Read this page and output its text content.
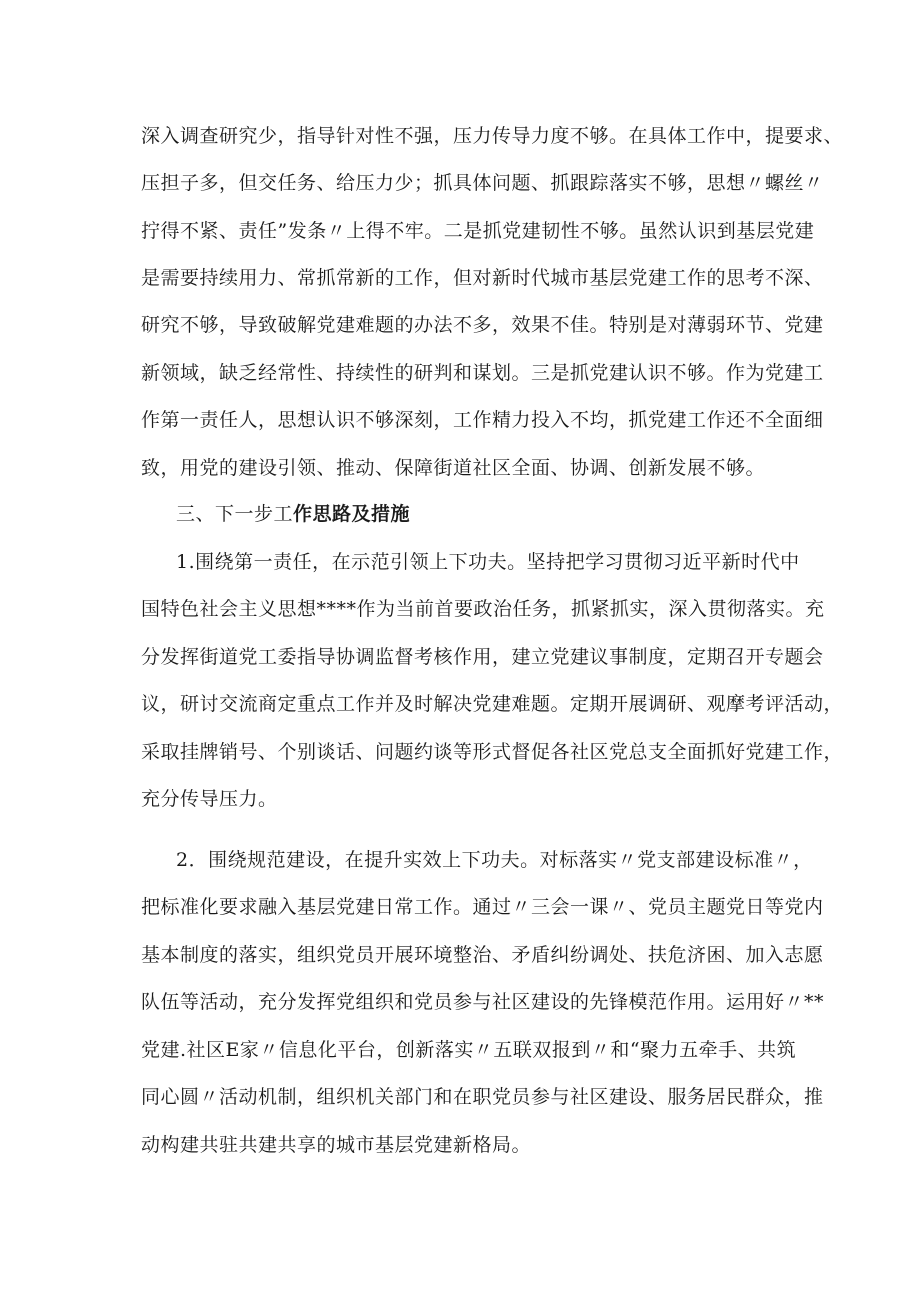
深入调查研究少，指导针对性不强，压力传导力度不够。在具体工作中，提要求、

压担子多，但交任务、给压力少；抓具体问题、抓跟踪落实不够，思想〃螺丝〃

拧得不紧、责任”发条〃上得不牢。二是抓党建韧性不够。虽然认识到基层党建

是需要持续用力、常抓常新的工作，但对新时代城市基层党建工作的思考不深、

研究不够，导致破解党建难题的办法不多，效果不佳。特别是对薄弱环节、党建

新领域，缺乏经常性、持续性的研判和谋划。三是抓党建认识不够。作为党建工

作第一责任人，思想认识不够深刻，工作精力投入不均，抓党建工作还不全面细

致，用党的建设引领、推动、保障街道社区全面、协调、创新发展不够。

三、下一步工作思路及措施

1.围绕第一责任，在示范引领上下功夫。坚持把学习贯彻习近平新时代中

国特色社会主义思想****作为当前首要政治任务，抓紧抓实，深入贯彻落实。充

分发挥街道党工委指导协调监督考核作用，建立党建议事制度，定期召开专题会

议，研讨交流商定重点工作并及时解决党建难题。定期开展调研、观摩考评活动，

采取挂牌销号、个别谈话、问题约谈等形式督促各社区党总支全面抓好党建工作，

充分传导压力。

2．围绕规范建设，在提升实效上下功夫。对标落实〃党支部建设标准〃，

把标准化要求融入基层党建日常工作。通过〃三会一课〃、党员主题党日等党内

基本制度的落实，组织党员开展环境整治、矛盾纠纷调处、扶危济困、加入志愿

队伍等活动，充分发挥党组织和党员参与社区建设的先锋模范作用。运用好〃**

党建.社区E家〃信息化平台，创新落实〃五联双报到〃和“聚力五牵手、共筑

同心圆〃活动机制，组织机关部门和在职党员参与社区建设、服务居民群众，推

动构建共驻共建共享的城市基层党建新格局。
